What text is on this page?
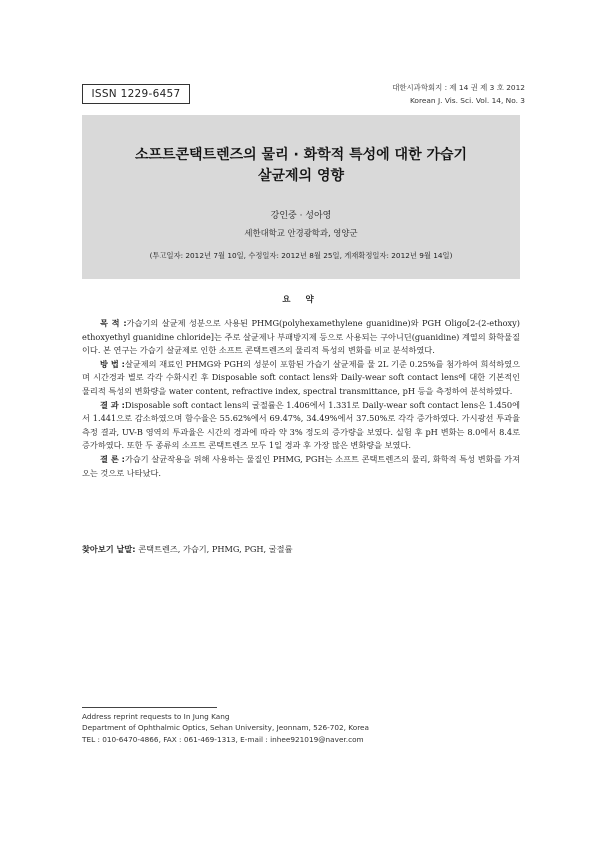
ISSN 1229-6457
대한시과학회지 : 제 14 권 제 3 호 2012
Korean J. Vis. Sci. Vol. 14, No. 3
소프트콘택트렌즈의 물리 · 화학적 특성에 대한 가습기
살균제의 영향
강인중 · 성아영
세한대학교 안경광학과, 영양군
(투고일자: 2012년 7월 10일, 수정일자: 2012년 8월 25일, 게재확정일자: 2012년 9월 14일)
요 약

목 적 :가습기의 살균제 성분으로 사용된 PHMG(polyhexamethylene guanidine)와 PGH Oligo[2-(2-ethoxy) ethoxyethyl guanidine chloride]는 주로 살균제나 부패방지제 등으로 사용되는 구아니딘(guanidine) 계열의 화학물질이다. 본 연구는 가습기 살균제로 인한 소프트 콘택트렌즈의 물리적 특성의 변화를 비교 분석하였다.

방 법 :살균제의 재료인 PHMG와 PGH의 성분이 포함된 가습기 살균제를 물 2L 기준 0.25%를 첨가하여 희석하였으며 시간경과 별로 각각 수화시킨 후 Disposable soft contact lens와 Daily-wear soft contact lens에 대한 기본적인 물리적 특성의 변화량을 water content, refractive index, spectral transmittance, pH 등을 측정하여 분석하였다.

결 과 :Disposable soft contact lens의 굴절률은 1.406에서 1.331로 Daily-wear soft contact lens은 1.450에서 1.441으로 감소하였으며 함수율은 55.62%에서 69.47%, 34.49%에서 37.50%로 각각 증가하였다. 가시광선 투과율 측정 결과, UV-B 영역의 투과율은 시간의 경과에 따라 약 3% 정도의 증가량을 보였다. 실험 후 pH 변화는 8.0에서 8.4로 증가하였다. 또한 두 종류의 소프트 콘택트렌즈 모두 1일 경과 후 가장 많은 변화량을 보였다.

결 론 :가습기 살균작용을 위해 사용하는 물질인 PHMG, PGH는 소프트 콘택트렌즈의 물리, 화학적 특성 변화를 가져오는 것으로 나타났다.

찾아보기 낱말: 콘택트렌즈, 가습기, PHMG, PGH, 굴절률
Address reprint requests to In Jung Kang
Department of Ophthalmic Optics, Sehan University, Jeonnam, 526-702, Korea
TEL : 010-6470-4866, FAX : 061-469-1313, E-mail : inhee921019@naver.com
